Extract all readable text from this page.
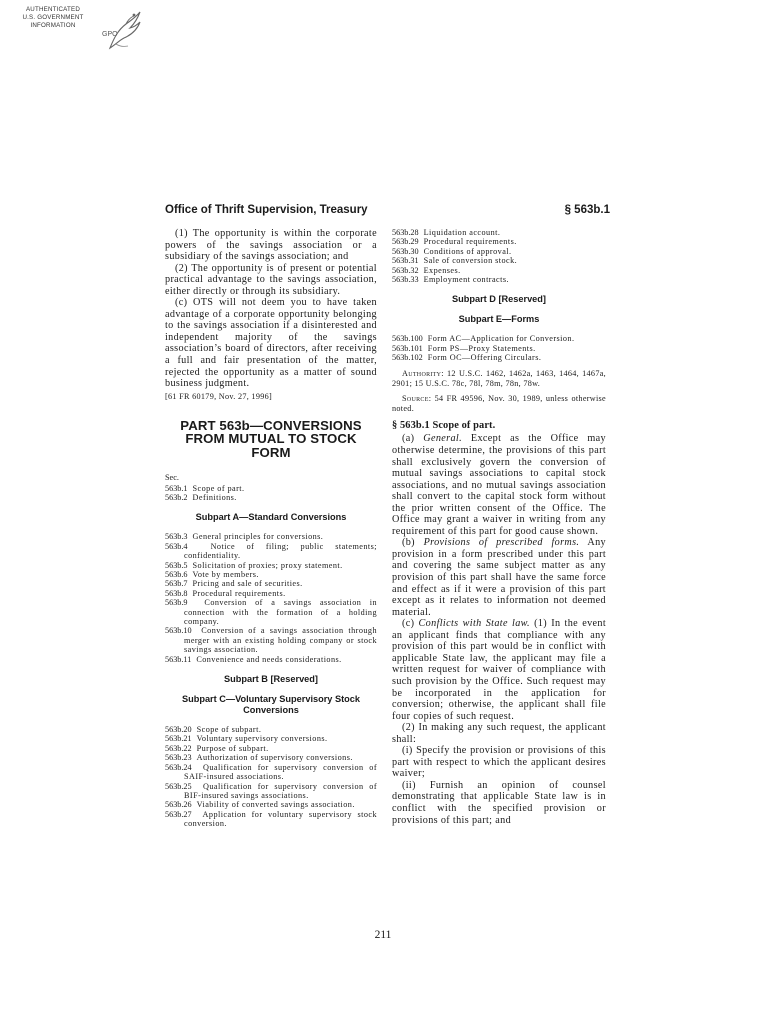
AUTHENTICATED
U.S. GOVERNMENT
INFORMATION
GPO
Office of Thrift Supervision, Treasury	§ 563b.1

(1) The opportunity is within the corporate powers of the savings association or a subsidiary of the savings association; and

(2) The opportunity is of present or potential practical advantage to the savings association, either directly or through its subsidiary.

(c) OTS will not deem you to have taken advantage of a corporate opportunity belonging to the savings association if a disinterested and independent majority of the savings association’s board of directors, after receiving a full and fair presentation of the matter, rejected the opportunity as a matter of sound business judgment.

[61 FR 60179, Nov. 27, 1996]

PART 563b—CONVERSIONS FROM MUTUAL TO STOCK FORM
Sec.
563b.1 Scope of part.
563b.2 Definitions.
Subpart A—Standard Conversions
563b.3 General principles for conversions.
563b.4	Notice of filing; public statements; confidentiality.
563b.5 Solicitation of proxies; proxy statement.
563b.6 Vote by members.
563b.7 Pricing and sale of securities.
563b.8 Procedural requirements.
563b.9 Conversion of a savings association in connection with the formation of a holding company.
563b.10 Conversion of a savings association through merger with an existing holding company or stock savings association.
563b.11 Convenience and needs considerations.
Subpart B [Reserved]
Subpart C—Voluntary Supervisory Stock Conversions
563b.20 Scope of subpart.
563b.21 Voluntary supervisory conversions.
563b.22 Purpose of subpart.
563b.23 Authorization of supervisory conversions.
563b.24 Qualification for supervisory conversion of SAIF-insured associations.
563b.25 Qualification for supervisory conversion of BIF-insured savings associations.
563b.26 Viability of converted savings association.
563b.27 Application for voluntary supervisory stock conversion.
563b.28 Liquidation account.
563b.29 Procedural requirements.
563b.30 Conditions of approval.
563b.31 Sale of conversion stock.
563b.32 Expenses.
563b.33 Employment contracts.
Subpart D [Reserved]
Subpart E—Forms
563b.100 Form AC—Application for Conversion.
563b.101 Form PS—Proxy Statements.
563b.102 Form OC—Offering Circulars.

Authority: 12 U.S.C. 1462, 1462a, 1463, 1464, 1467a, 2901; 15 U.S.C. 78c, 78l, 78m, 78n, 78w.

Source: 54 FR 49596, Nov. 30, 1989, unless otherwise noted.

§ 563b.1 Scope of part.

(a) General. Except as the Office may otherwise determine, the provisions of this part shall exclusively govern the conversion of mutual savings associations to capital stock associations, and no mutual savings association shall convert to the capital stock form without the prior written consent of the Office. The Office may grant a waiver in writing from any requirement of this part for good cause shown.

(b) Provisions of prescribed forms. Any provision in a form prescribed under this part and covering the same subject matter as any provision of this part shall have the same force and effect as if it were a provision of this part except as it relates to information not deemed material.

(c) Conflicts with State law. (1) In the event an applicant finds that compliance with any provision of this part would be in conflict with applicable State law, the applicant may file a written request for waiver of compliance with such provision by the Office. Such request may be incorporated in the application for conversion; otherwise, the applicant shall file four copies of such request.

(2) In making any such request, the applicant shall:

(i) Specify the provision or provisions of this part with respect to which the applicant desires waiver;

(ii) Furnish an opinion of counsel demonstrating that applicable State law is in conflict with the specified provision or provisions of this part; and

211
